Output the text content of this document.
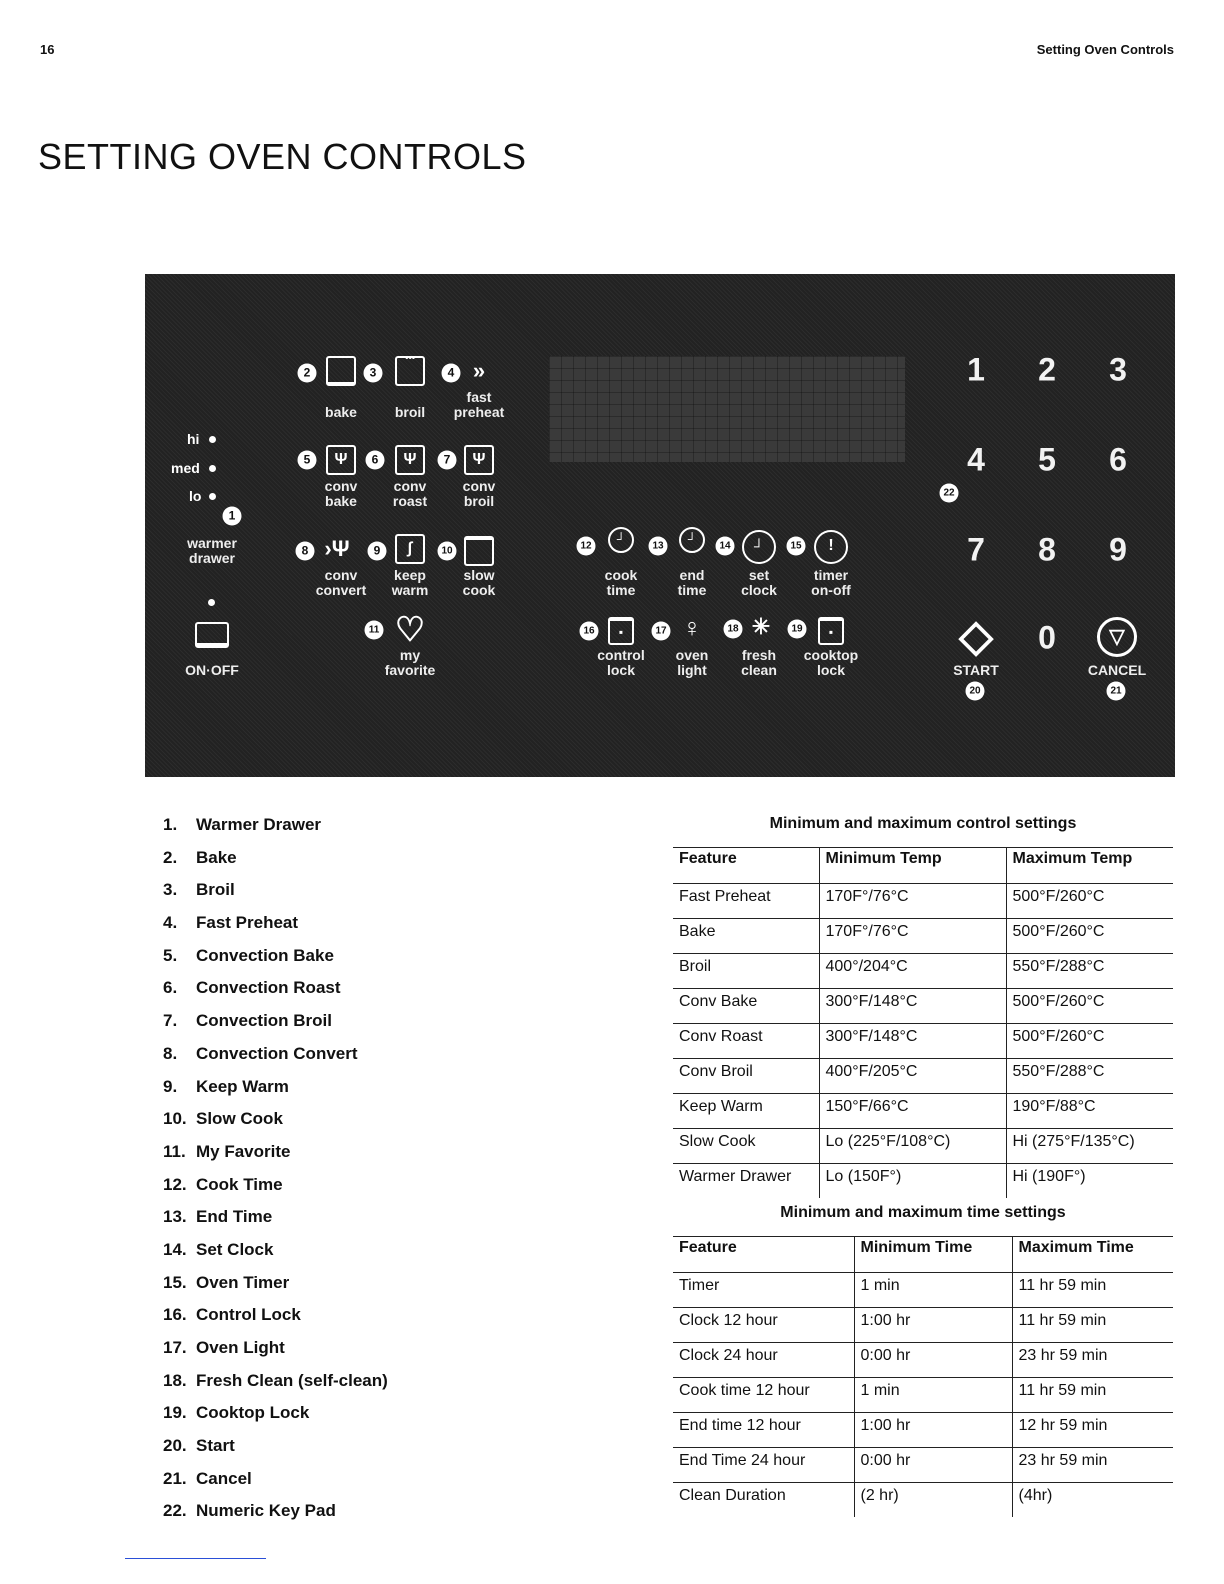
16	Setting Oven Controls
SETTING OVEN CONTROLS
hi
med
lo
1
warmer
drawer
ON·OFF
2
bake
3
ˇˇˇ
broil
4 »
fast
preheat
5	Ψ
conv
bake
6	Ψ
conv
roast
7	Ψ
conv
broil
8 ›Ψ
conv
convert
9	∫
keep
warm
10
slow
cook
11 ♡
my
favorite
12	┘
cook
time
13	┘
end
time
14	┘
set
clock
15	!
timer
on-off
16	▪
control
lock
17 ♀
oven
light
18 ✳
fresh
clean
19	▪
cooktop
lock
1 2 3
4 5 6
22
7 8 9
0
◇
START
20
▽
CANCEL
21
1.	Warmer Drawer
2.	Bake
3.	Broil
4.	Fast Preheat
5.	Convection Bake
6.	Convection Roast
7.	Convection Broil
8.	Convection Convert
9.	Keep Warm
10. Slow Cook
11. My Favorite
12. Cook Time
13. End Time
14. Set Clock
15. Oven Timer
16. Control Lock
17. Oven Light
18. Fresh Clean (self-clean)
19. Cooktop Lock
20. Start
21. Cancel
22. Numeric Key Pad
Minimum and maximum control settings
Feature	Minimum Temp	Maximum Temp
Fast Preheat	170F°/76°C	500°F/260°C
Bake	170F°/76°C	500°F/260°C
Broil	400°/204°C	550°F/288°C
Conv Bake	300°F/148°C	500°F/260°C
Conv Roast	300°F/148°C	500°F/260°C
Conv Broil	400°F/205°C	550°F/288°C
Keep Warm	150°F/66°C	190°F/88°C
Slow Cook	Lo (225°F/108°C)	Hi (275°F/135°C)
Warmer Drawer	Lo (150F°)	Hi (190F°)
Minimum and maximum time settings
Feature	Minimum Time	Maximum Time
Timer	1 min	11 hr 59 min
Clock 12 hour	1:00 hr	11 hr 59 min
Clock 24 hour	0:00 hr	23 hr 59 min
Cook time 12 hour	1 min	11 hr 59 min
End time 12 hour	1:00 hr	12 hr 59 min
End Time 24 hour	0:00 hr	23 hr 59 min
Clean Duration	(2 hr)	(4hr)
